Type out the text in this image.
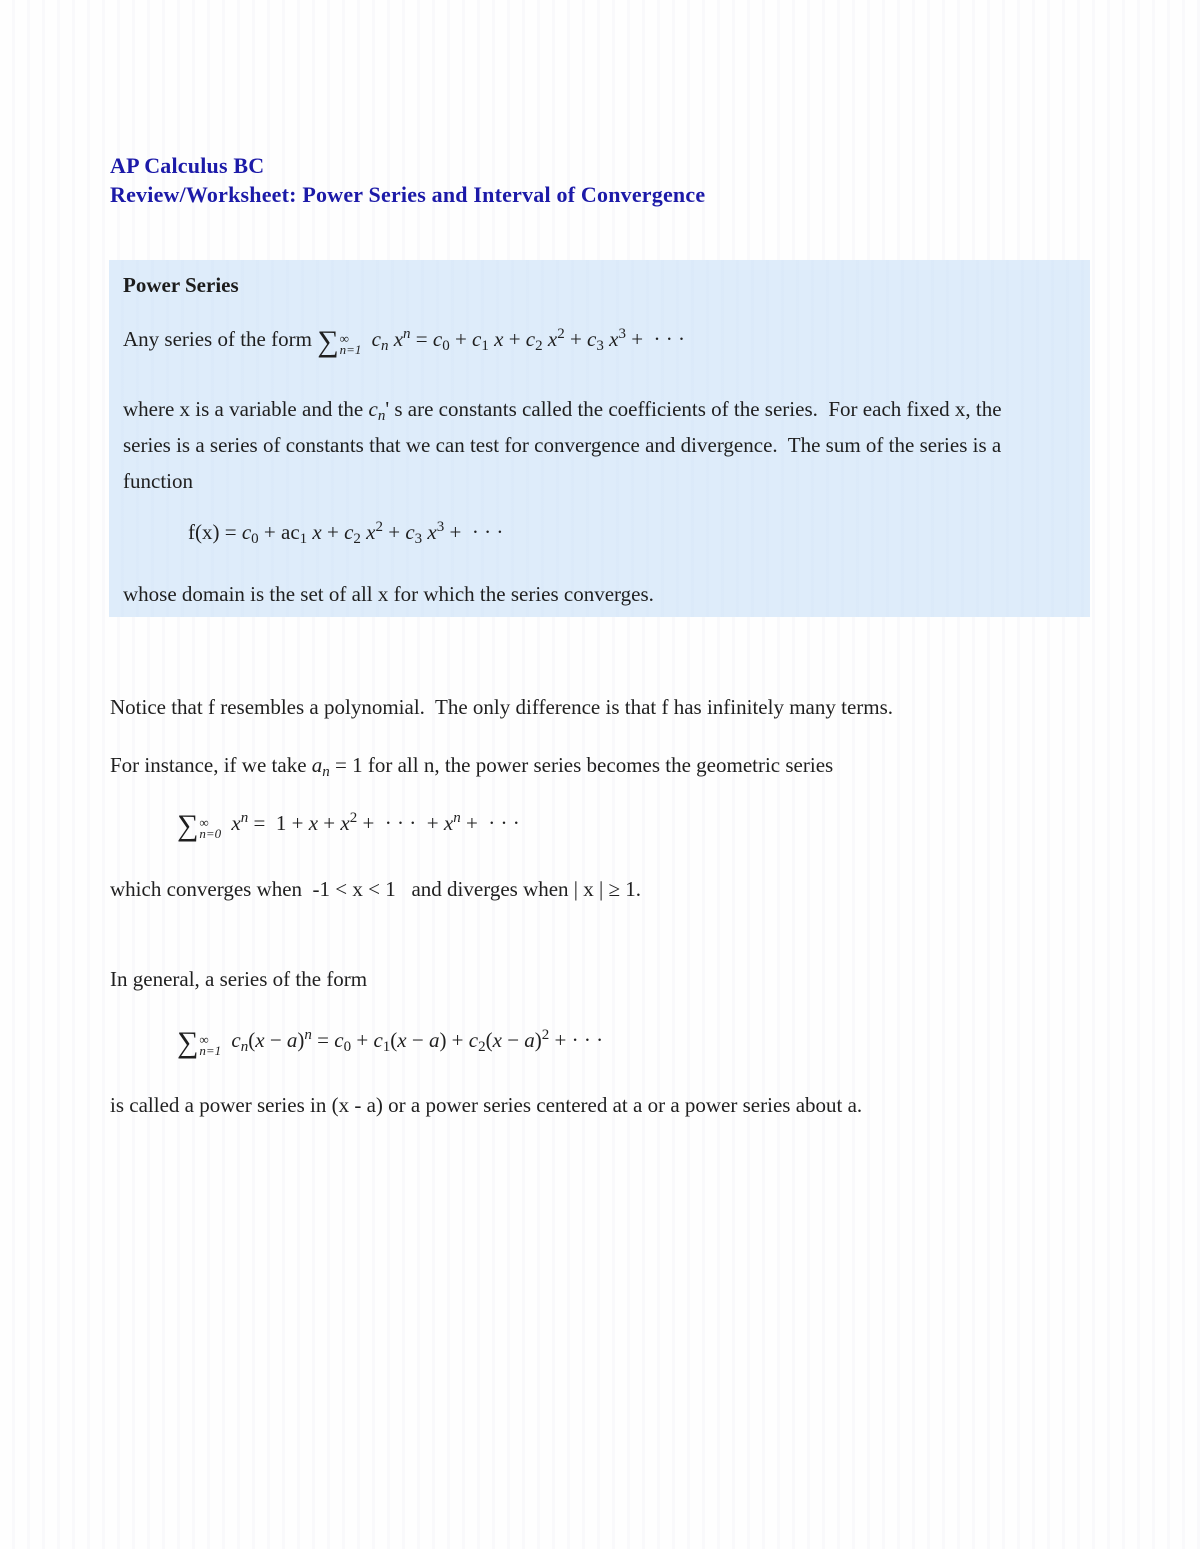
AP Calculus BC
Review/Worksheet: Power Series and Interval of Convergence
Power Series
Any series of the form ∑ ∞
n=1 cn $x^n = c0 + c1$ x + c2 $x^2 + c3$ $x^3$ +  · · ·
where x is a variable and the cn' s are constants called the coefficients of the series.  For each fixed x, the
series is a series of constants that we can test for convergence and divergence.  The sum of the series is a
function
f(x) = c0 + ac1 x + c2 $x^2 + c3$ $x^3$ +  · · ·
whose domain is the set of all x for which the series converges.
Notice that f resembles a polynomial.  The only difference is that f has infinitely many terms.
For instance, if we take an = 1 for all n, the power series becomes the geometric series
∑ ∞
n=0 $x^n = 1 + x + x^2$ +  · · ·  + $x^n$ +  · · ·
which converges when  -1 < x < 1   and diverges when | x | ≥ 1.
In general, a series of the form
∑ ∞
n=1 $cn(x - a)^n = c0 + c1(x - a) + c2(x - a)^2$ + · · ·
is called a power series in (x - a) or a power series centered at a or a power series about a.
